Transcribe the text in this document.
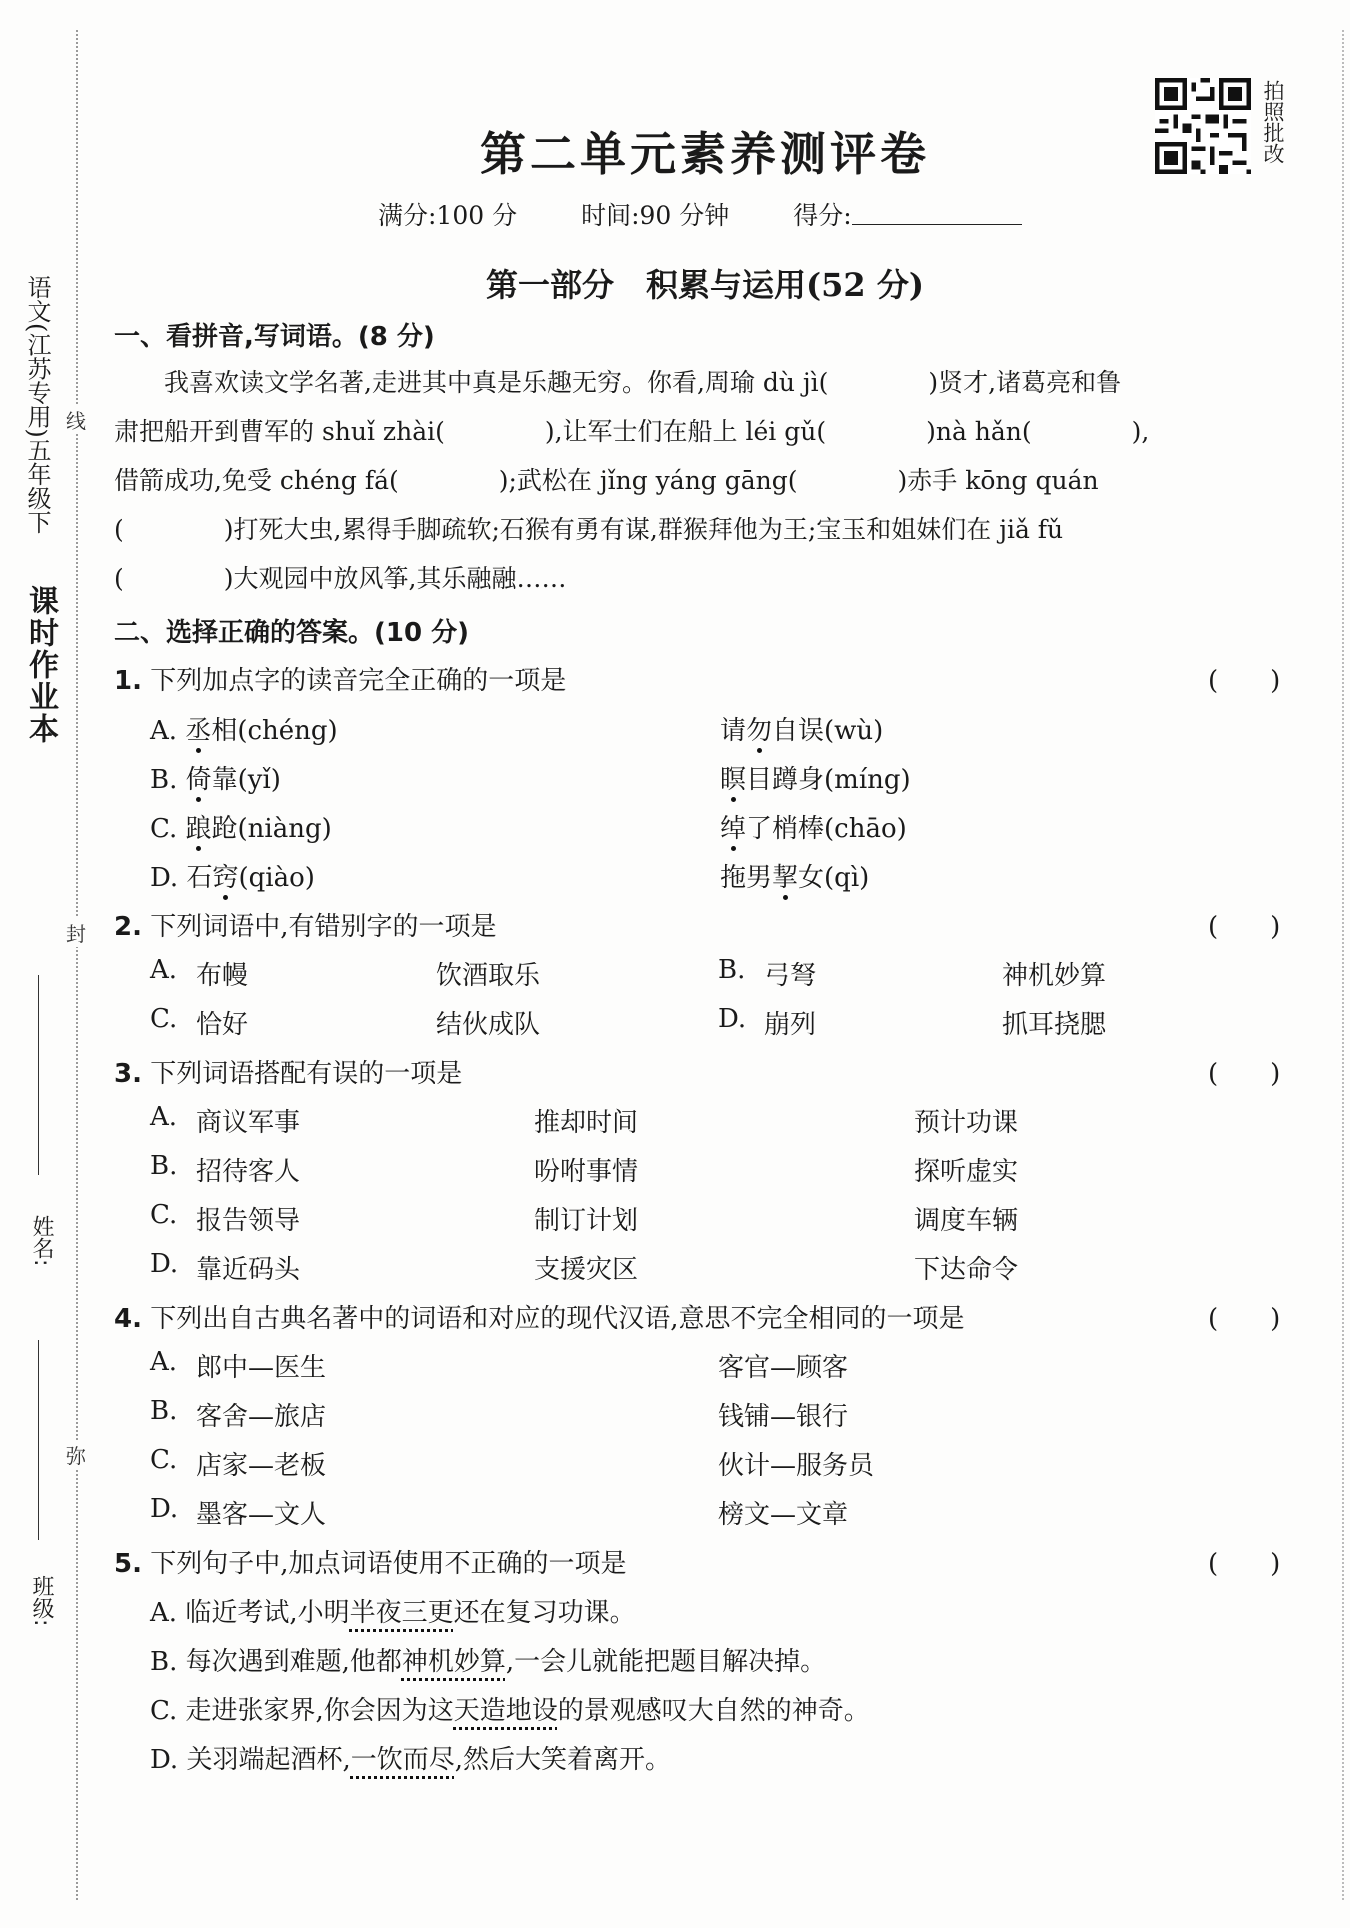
课时作业本
语文(江苏专用)五年级下 线
封
弥
姓名:
班级:
第二单元素养测评卷
满分:100 分	时间:90 分钟	得分:
第一部分　积累与运用(52 分)
拍照批改
一、看拼音,写词语。(8 分)

我喜欢读文学名著,走进其中真是乐趣无穷。你看,周瑜 dù jì(　　　　)贤才,诸葛亮和鲁

肃把船开到曹军的 shuǐ zhài(　　　　),让军士们在船上 léi gǔ(　　　　)nà hǎn(　　　　),

借箭成功,免受 chéng fá(　　　　);武松在 jǐng yáng gāng(　　　　)赤手 kōng quán

(　　　　)打死大虫,累得手脚疏软;石猴有勇有谋,群猴拜他为王;宝玉和姐妹们在 jiǎ fǔ

(　　　　)大观园中放风筝,其乐融融……

二、选择正确的答案。(10 分)
1. 下列加点字的读音完全正确的一项是	(　　)
A. 丞相(chéng)	请勿自误(wù)
B. 倚靠(yǐ)	瞑目蹲身(míng)
C. 踉跄(niàng)	绰了梢棒(chāo)
D. 石窍(qiào)	拖男挈女(qì)
2. 下列词语中,有错别字的一项是	(　　)
A. 布幔	饮酒取乐	B. 弓弩	神机妙算
C. 恰好	结伙成队	D. 崩列	抓耳挠腮
3. 下列词语搭配有误的一项是	(　　)
A. 商议军事	推却时间	预计功课
B. 招待客人	吩咐事情	探听虚实
C. 报告领导	制订计划	调度车辆
D. 靠近码头	支援灾区	下达命令
4. 下列出自古典名著中的词语和对应的现代汉语,意思不完全相同的一项是	(　　)
A. 郎中—医生	客官—顾客
B. 客舍—旅店	钱铺—银行
C. 店家—老板	伙计—服务员
D. 墨客—文人	榜文—文章
5. 下列句子中,加点词语使用不正确的一项是	(　　)
A. 临近考试,小明半夜三更还在复习功课。
B. 每次遇到难题,他都神机妙算,一会儿就能把题目解决掉。
C. 走进张家界,你会因为这天造地设的景观感叹大自然的神奇。
D. 关羽端起酒杯,一饮而尽,然后大笑着离开。
